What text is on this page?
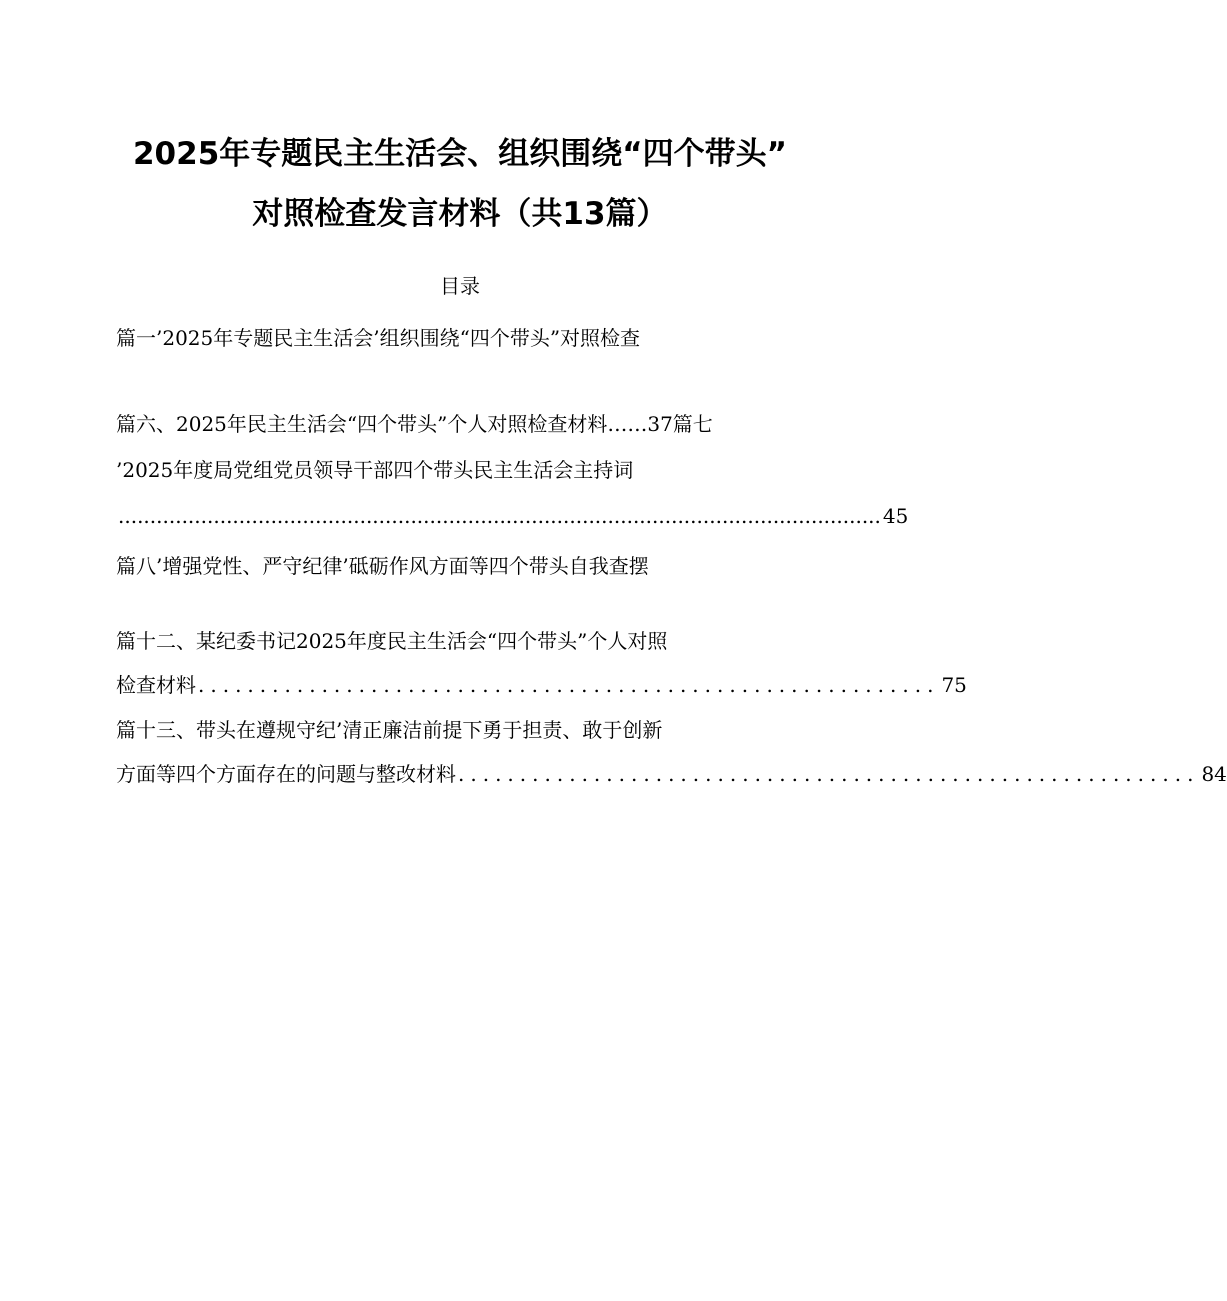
2025年专题民主生活会、组织围绕“四个带头”
对照检查发言材料（共13篇）
目录
篇一’2025年专题民主生活会’组织围绕“四个带头”对照检查
篇六、2025年民主生活会“四个带头”个人对照检查材料……37篇七
’2025年度局党组党员领导干部四个带头民主生活会主持词
........................................................................................................................ 45
篇八’增强党性、严守纪律’砥砺作风方面等四个带头自我查摆
篇十二、某纪委书记2025年度民主生活会“四个带头”个人对照
检查材料 ............................................................ 75
篇十三、带头在遵规守纪’清正廉洁前提下勇于担责、敢于创新
方面等四个方面存在的问题与整改材料 ............................................................ 84
